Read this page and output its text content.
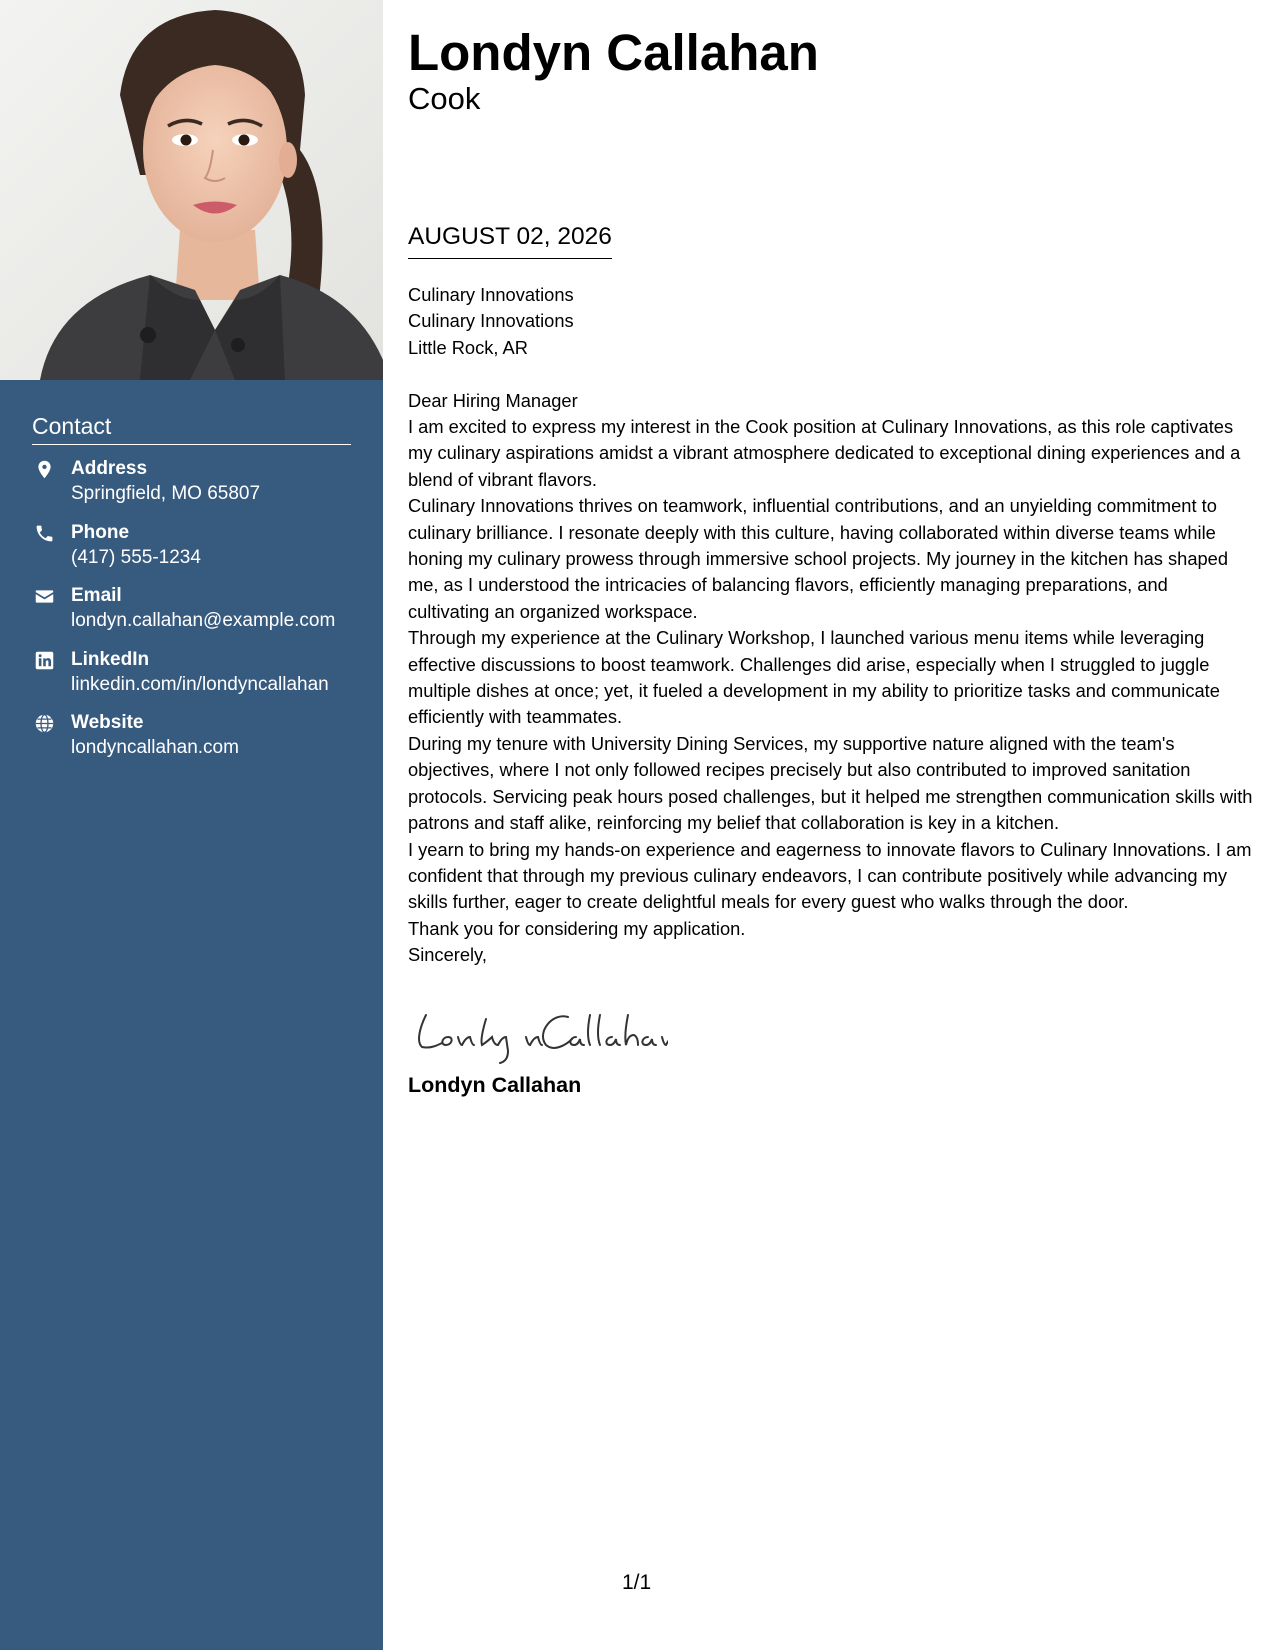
Contact
Address
Springfield, MO 65807
Phone
(417) 555-1234
Email
londyn.callahan@example.com
LinkedIn
linkedin.com/in/londyncallahan
Website
londyncallahan.com
Londyn Callahan
Cook
AUGUST 02, 2026

Culinary Innovations

Culinary Innovations

Little Rock, AR

Dear Hiring Manager

I am excited to express my interest in the Cook position at Culinary Innovations, as this role captivates my culinary aspirations amidst a vibrant atmosphere dedicated to exceptional dining experiences and a blend of vibrant flavors.

Culinary Innovations thrives on teamwork, influential contributions, and an unyielding commitment to culinary brilliance. I resonate deeply with this culture, having collaborated within diverse teams while honing my culinary prowess through immersive school projects. My journey in the kitchen has shaped me, as I understood the intricacies of balancing flavors, efficiently managing preparations, and cultivating an organized workspace.

Through my experience at the Culinary Workshop, I launched various menu items while leveraging effective discussions to boost teamwork. Challenges did arise, especially when I struggled to juggle multiple dishes at once; yet, it fueled a development in my ability to prioritize tasks and communicate efficiently with teammates.

During my tenure with University Dining Services, my supportive nature aligned with the team's objectives, where I not only followed recipes precisely but also contributed to improved sanitation protocols. Servicing peak hours posed challenges, but it helped me strengthen communication skills with patrons and staff alike, reinforcing my belief that collaboration is key in a kitchen.

I yearn to bring my hands-on experience and eagerness to innovate flavors to Culinary Innovations. I am confident that through my previous culinary endeavors, I can contribute positively while advancing my skills further, eager to create delightful meals for every guest who walks through the door.

Thank you for considering my application.

Sincerely,

Londyn Callahan
1/1
